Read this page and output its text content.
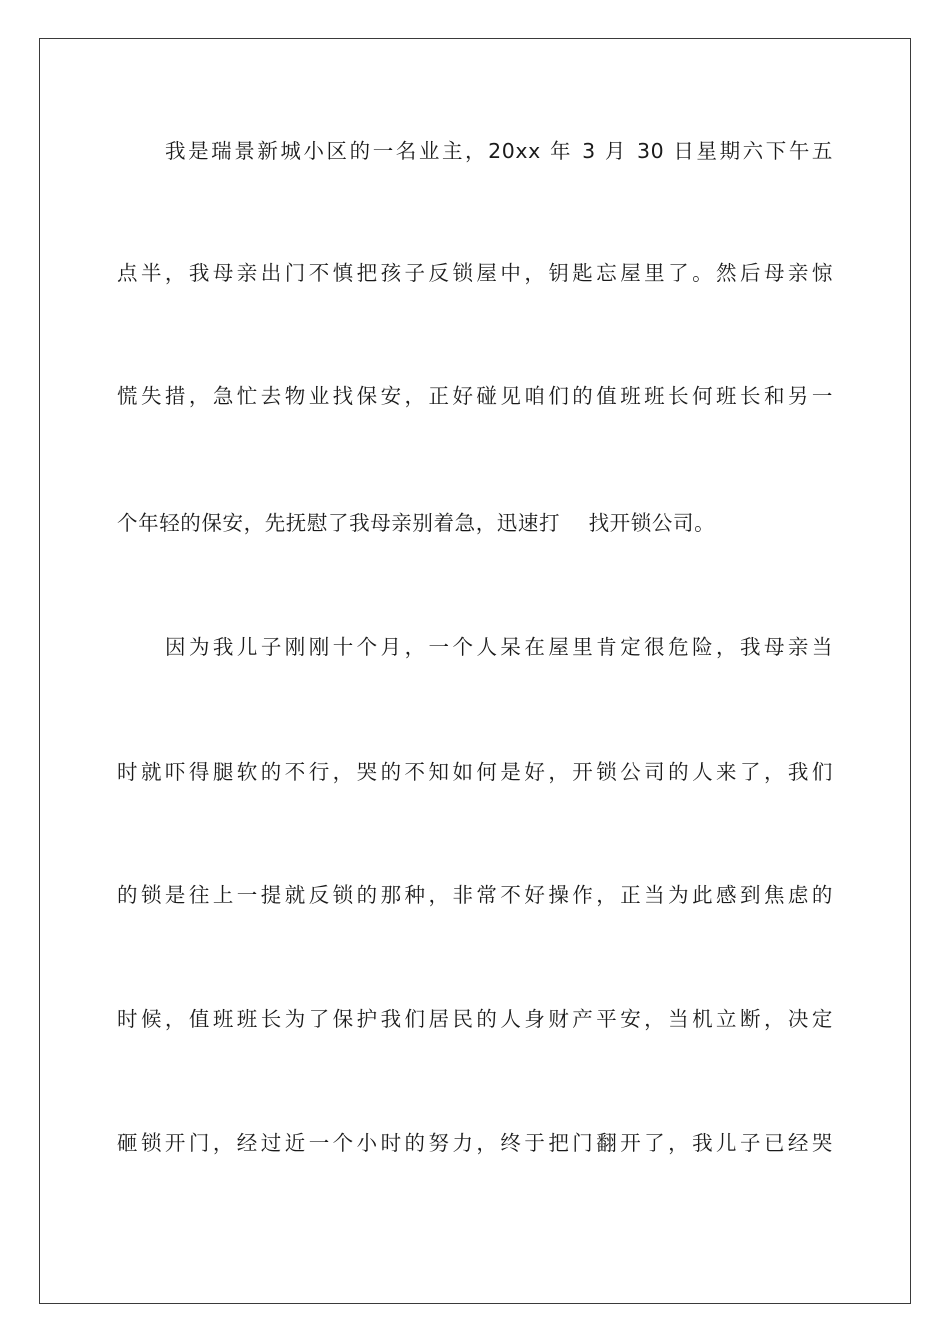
我是瑞景新城小区的一名业主，20xx 年 3 月 30 日星期六下午五
点半，我母亲出门不慎把孩子反锁屋中，钥匙忘屋里了。然后母亲惊
慌失措，急忙去物业找保安，正好碰见咱们的值班班长何班长和另一
个年轻的保安，先抚慰了我母亲别着急，迅速打    找开锁公司。
因为我儿子刚刚十个月，一个人呆在屋里肯定很危险，我母亲当
时就吓得腿软的不行，哭的不知如何是好，开锁公司的人来了，我们
的锁是往上一提就反锁的那种，非常不好操作，正当为此感到焦虑的
时候，值班班长为了保护我们居民的人身财产平安，当机立断，决定
砸锁开门，经过近一个小时的努力，终于把门翻开了，我儿子已经哭
